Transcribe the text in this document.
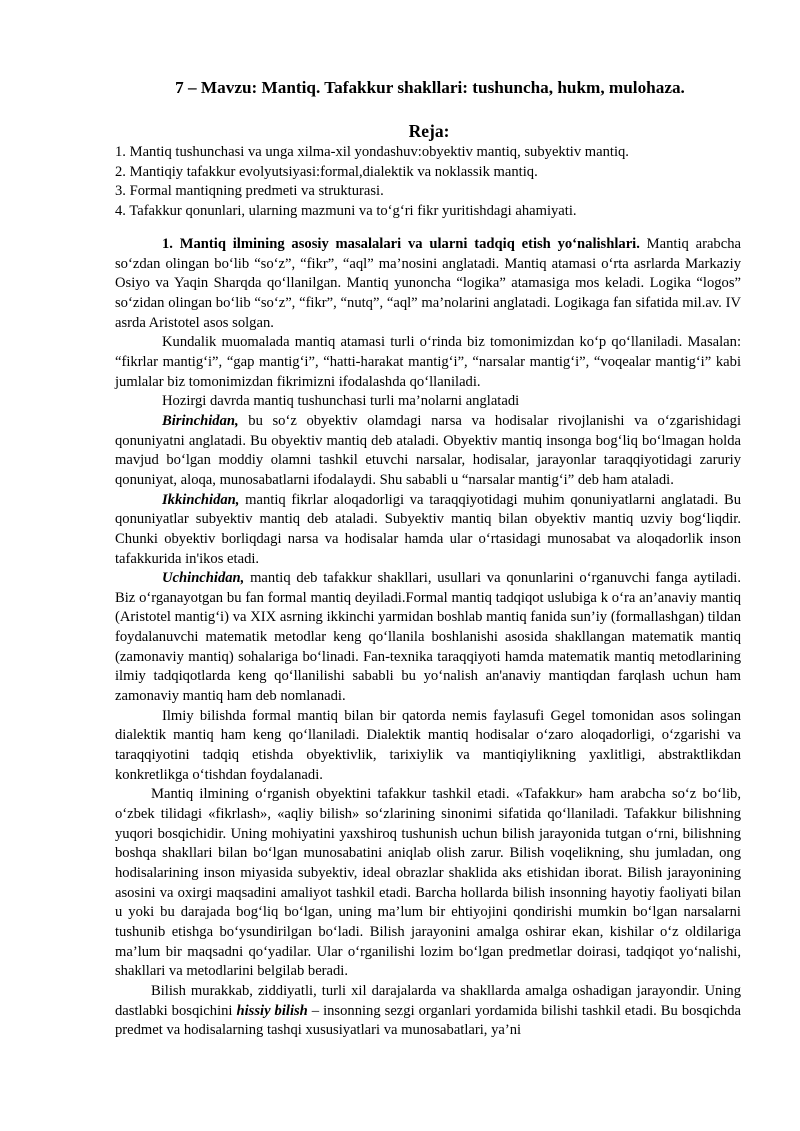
7 – Mavzu: Mantiq. Tafakkur shakllari: tushuncha, hukm, mulohaza.
Reja:
1. Mantiq tushunchasi va unga xilma-xil yondashuv:obyektiv mantiq, subyektiv mantiq.
2. Mantiqiy tafakkur evolyutsiyasi:formal,dialektik va noklassik mantiq.
3. Formal mantiqning predmeti va strukturasi.
4. Tafakkur qonunlari, ularning mazmuni va to‘g‘ri fikr yuritishdagi ahamiyati.

1. Mantiq ilmining asosiy masalalari va ularni tadqiq etish yo‘nalishlari. Mantiq arabcha so‘zdan olingan bo‘lib “so‘z”, “fikr”, “aql” ma’nosini anglatadi. Mantiq atamasi o‘rta asrlarda Markaziy Osiyo va Yaqin Sharqda qo‘llanilgan. Mantiq yunoncha “logika” atamasiga mos keladi. Logika “logos” so‘zidan olingan bo‘lib “so‘z”, “fikr”, “nutq”, “aql” ma’nolarini anglatadi. Logikaga fan sifatida mil.av. IV asrda Aristotel asos solgan.

Kundalik muomalada mantiq atamasi turli o‘rinda biz tomonimizdan ko‘p qo‘llaniladi. Masalan: “fikrlar mantig‘i”, “gap mantig‘i”, “hatti-harakat mantig‘i”, “narsalar mantig‘i”, “voqealar mantig‘i” kabi jumlalar biz tomonimizdan fikrimizni ifodalashda qo‘llaniladi.

Hozirgi davrda mantiq tushunchasi turli ma’nolarni anglatadi

Birinchidan, bu so‘z obyektiv olamdagi narsa va hodisalar rivojlanishi va o‘zgarishidagi qonuniyatni anglatadi. Bu obyektiv mantiq deb ataladi. Obyektiv mantiq insonga bog‘liq bo‘lmagan holda mavjud bo‘lgan moddiy olamni tashkil etuvchi narsalar, hodisalar, jarayonlar taraqqiyotidagi zaruriy qonuniyat, aloqa, munosabatlarni ifodalaydi. Shu sababli u “narsalar mantig‘i” deb ham ataladi.

Ikkinchidan, mantiq fikrlar aloqadorligi va taraqqiyotidagi muhim qonuniyatlarni anglatadi. Bu qonuniyatlar subyektiv mantiq deb ataladi. Subyektiv mantiq bilan obyektiv mantiq uzviy bog‘liqdir. Chunki obyektiv borliqdagi narsa va hodisalar hamda ular o‘rtasidagi munosabat va aloqadorlik inson tafakkurida in'ikos etadi.

Uchinchidan, mantiq deb tafakkur shakllari, usullari va qonunlarini o‘rganuvchi fanga aytiladi. Biz o‘rganayotgan bu fan formal mantiq deyiladi.Formal mantiq tadqiqot uslubiga k o‘ra an’anaviy mantiq (Aristotel mantig‘i) va XIX asrning ikkinchi yarmidan boshlab mantiq fanida sun’iy (formallashgan) tildan foydalanuvchi matematik metodlar keng qo‘llanila boshlanishi asosida shakllangan matematik mantiq (zamonaviy mantiq) sohalariga bo‘linadi. Fan-texnika taraqqiyoti hamda matematik mantiq metodlarining ilmiy tadqiqotlarda keng qo‘llanilishi sababli bu yo‘nalish an'anaviy mantiqdan farqlash uchun ham zamonaviy mantiq ham deb nomlanadi.

Ilmiy bilishda formal mantiq bilan bir qatorda nemis faylasufi Gegel tomonidan asos solingan dialektik mantiq ham keng qo‘llaniladi. Dialektik mantiq hodisalar o‘zaro aloqadorligi, o‘zgarishi va taraqqiyotini tadqiq etishda obyektivlik, tarixiylik va mantiqiylikning yaxlitligi, abstraktlikdan konkretlikga o‘tishdan foydalanadi.

Mantiq ilmining o‘rganish obyektini tafakkur tashkil etadi. «Tafakkur» ham arabcha so‘z bo‘lib, o‘zbek tilidagi «fikrlash», «aqliy bilish» so‘zlarining sinonimi sifatida qo‘llaniladi. Tafakkur bilishning yuqori bosqichidir. Uning mohiyatini yaxshiroq tushunish uchun bilish jarayonida tutgan o‘rni, bilishning boshqa shakllari bilan bo‘lgan munosabatini aniqlab olish zarur. Bilish voqelikning, shu jumladan, ong hodisalarining inson miyasida subyektiv, ideal obrazlar shaklida aks etishidan iborat. Bilish jarayonining asosini va oxirgi maqsadini amaliyot tashkil etadi. Barcha hollarda bilish insonning hayotiy faoliyati bilan u yoki bu darajada bog‘liq bo‘lgan, uning ma’lum bir ehtiyojini qondirishi mumkin bo‘lgan narsalarni tushunib etishga bo‘ysundirilgan bo‘ladi. Bilish jarayonini amalga oshirar ekan, kishilar o‘z oldilariga ma’lum bir maqsadni qo‘yadilar. Ular o‘rganilishi lozim bo‘lgan predmetlar doirasi, tadqiqot yo‘nalishi, shakllari va metodlarini belgilab beradi.

Bilish murakkab, ziddiyatli, turli xil darajalarda va shakllarda amalga oshadigan jarayondir. Uning dastlabki bosqichini hissiy bilish – insonning sezgi organlari yordamida bilishi tashkil etadi. Bu bosqichda predmet va hodisalarning tashqi xususiyatlari va munosabatlari, ya’ni
